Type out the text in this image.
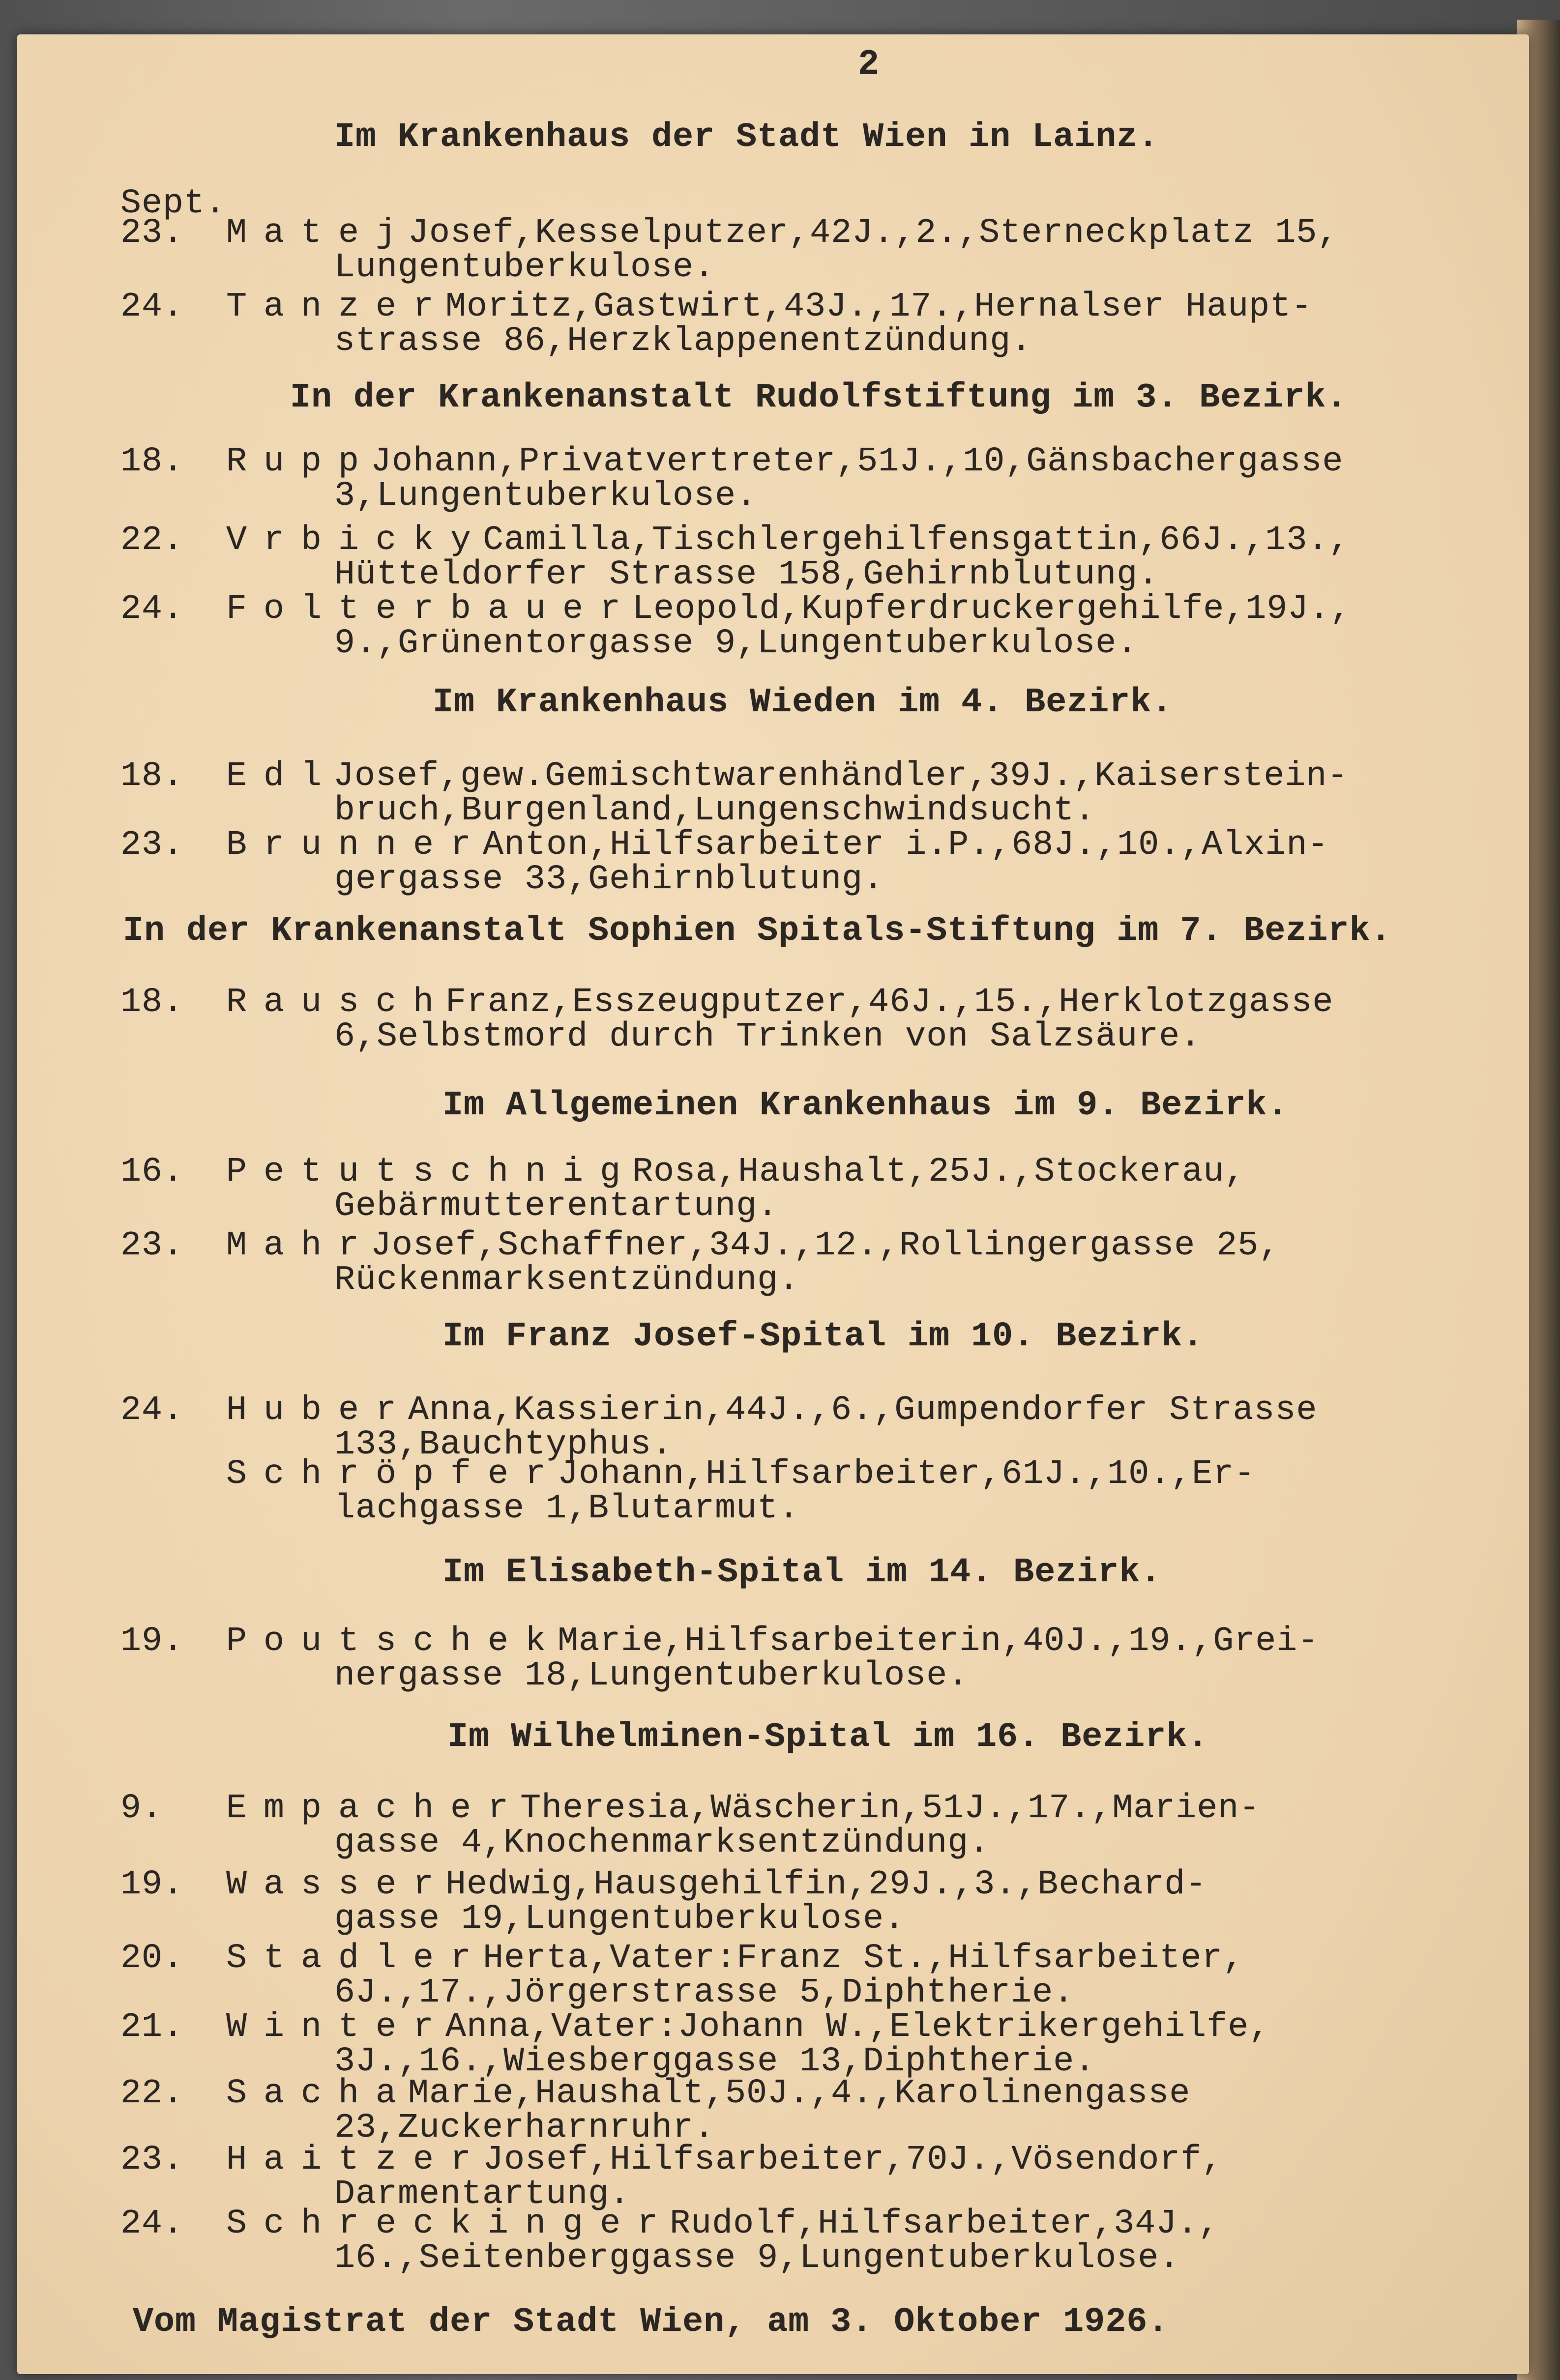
2
Sept.
Im Krankenhaus der Stadt Wien in Lainz.
23. Matej
Josef,Kesselputzer,42J.,2.,Sterneckplatz 15,
Lungentuberkulose.
24. Tanzer
Moritz,Gastwirt,43J.,17.,Hernalser Haupt-
strasse 86,Herzklappenentzündung.
In der Krankenanstalt Rudolfstiftung im 3. Bezirk.
18. Rupp
Johann,Privatvertreter,51J.,10,Gänsbachergasse
3,Lungentuberkulose.
22. Vrbicky
Camilla,Tischlergehilfensgattin,66J.,13.,
Hütteldorfer Strasse 158,Gehirnblutung.
24. Folterbauer
Leopold,Kupferdruckergehilfe,19J.,
9.,Grünentorgasse 9,Lungentuberkulose.
Im Krankenhaus Wieden im 4. Bezirk.
18. Edl
Josef,gew.Gemischtwarenhändler,39J.,Kaiserstein-
bruch,Burgenland,Lungenschwindsucht.
23. Brunner
Anton,Hilfsarbeiter i.P.,68J.,10.,Alxin-
gergasse 33,Gehirnblutung.
In der Krankenanstalt Sophien Spitals-Stiftung im 7. Bezirk.
18. Rausch
Franz,Esszeugputzer,46J.,15.,Herklotzgasse
6,Selbstmord durch Trinken von Salzsäure.
Im Allgemeinen Krankenhaus im 9. Bezirk.
16. Petutschnig
Rosa,Haushalt,25J.,Stockerau,
Gebärmutterentartung.
23. Mahr
Josef,Schaffner,34J.,12.,Rollingergasse 25,
Rückenmarksentzündung.
Im Franz Josef-Spital im 10. Bezirk.
24. Huber
Anna,Kassierin,44J.,6.,Gumpendorfer Strasse
133,Bauchtyphus.
Schröpfer
Johann,Hilfsarbeiter,61J.,10.,Er-
lachgasse 1,Blutarmut.
Im Elisabeth-Spital im 14. Bezirk.
19. Poutschek
Marie,Hilfsarbeiterin,40J.,19.,Grei-
nergasse 18,Lungentuberkulose.
Im Wilhelminen-Spital im 16. Bezirk.
9. Empacher
Theresia,Wäscherin,51J.,17.,Marien-
gasse 4,Knochenmarksentzündung.
19. Wasser
Hedwig,Hausgehilfin,29J.,3.,Bechard-
gasse 19,Lungentuberkulose.
20. Stadler
Herta,Vater:Franz St.,Hilfsarbeiter,
6J.,17.,Jörgerstrasse 5,Diphtherie.
21. Winter
Anna,Vater:Johann W.,Elektrikergehilfe,
3J.,16.,Wiesberggasse 13,Diphtherie.
22. Sacha
Marie,Haushalt,50J.,4.,Karolinengasse
23,Zuckerharnruhr.
23. Haitzer
Josef,Hilfsarbeiter,70J.,Vösendorf,
Darmentartung.
24. Schreckinger
Rudolf,Hilfsarbeiter,34J.,
16.,Seitenberggasse 9,Lungentuberkulose.
Vom Magistrat der Stadt Wien, am 3. Oktober 1926.
